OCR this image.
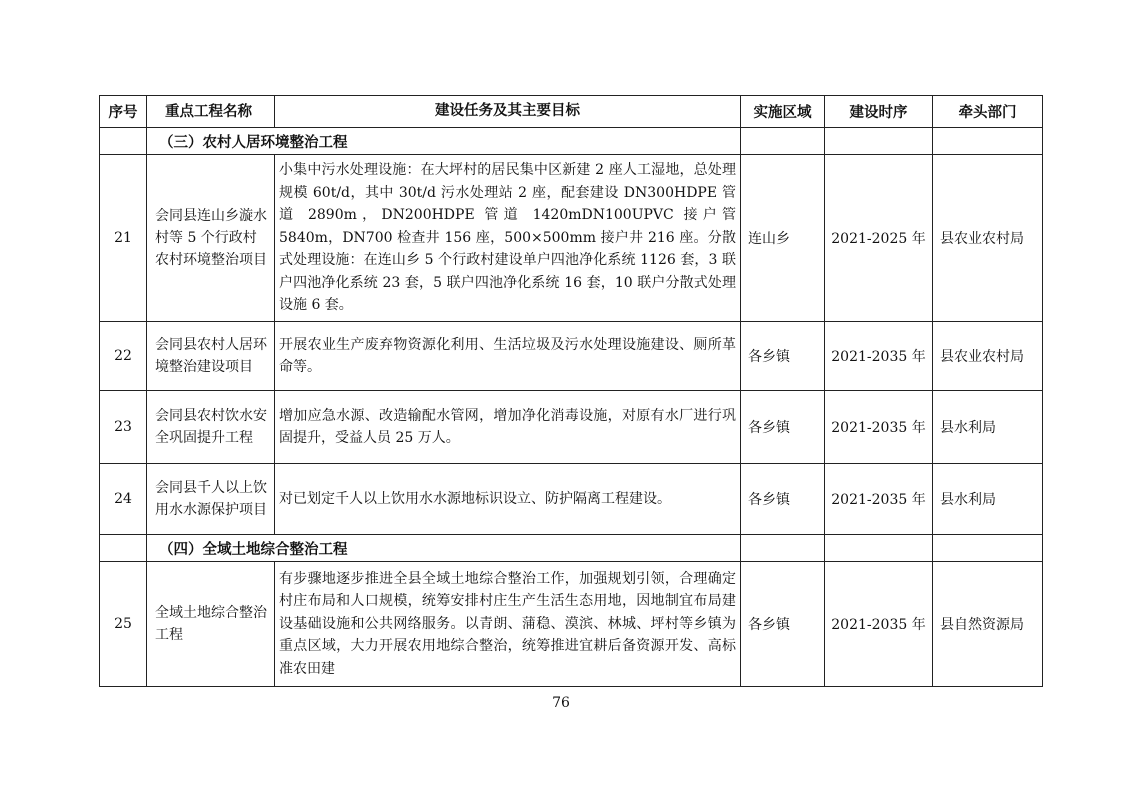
序号	重点工程名称	建设任务及其主要目标	实施区域	建设时序	牵头部门
	（三）农村人居环境整治工程				
21	会同县连山乡漩水村等 5 个行政村农村环境整治项目	小集中污水处理设施：在大坪村的居民集中区新建 2 座人工湿地，总处理规模 60t/d，其中 30t/d 污水处理站 2 座，配套建设 DN300HDPE 管道 2890m，DN200HDPE 管道 1420mDN100UPVC 接户管 5840m，DN700 检查井 156 座，500×500mm 接户井 216 座。分散式处理设施：在连山乡 5 个行政村建设单户四池净化系统 1126 套，3 联户四池净化系统 23 套，5 联户四池净化系统 16 套，10 联户分散式处理设施 6 套。	连山乡	2021-2025 年	县农业农村局
22	会同县农村人居环境整治建设项目	开展农业生产废弃物资源化利用、生活垃圾及污水处理设施建设、厕所革命等。	各乡镇	2021-2035 年	县农业农村局
23	会同县农村饮水安全巩固提升工程	增加应急水源、改造输配水管网，增加净化消毒设施，对原有水厂进行巩固提升，受益人员 25 万人。	各乡镇	2021-2035 年	县水利局
24	会同县千人以上饮用水水源保护项目	对已划定千人以上饮用水水源地标识设立、防护隔离工程建设。	各乡镇	2021-2035 年	县水利局
	（四）全域土地综合整治工程				
25	全域土地综合整治工程	有步骤地逐步推进全县全域土地综合整治工作，加强规划引领，合理确定村庄布局和人口规模，统筹安排村庄生产生活生态用地，因地制宜布局建设基础设施和公共网络服务。以青朗、蒲稳、漠滨、林城、坪村等乡镇为重点区域，大力开展农用地综合整治，统筹推进宜耕后备资源开发、高标准农田建	各乡镇	2021-2035 年	县自然资源局
76
